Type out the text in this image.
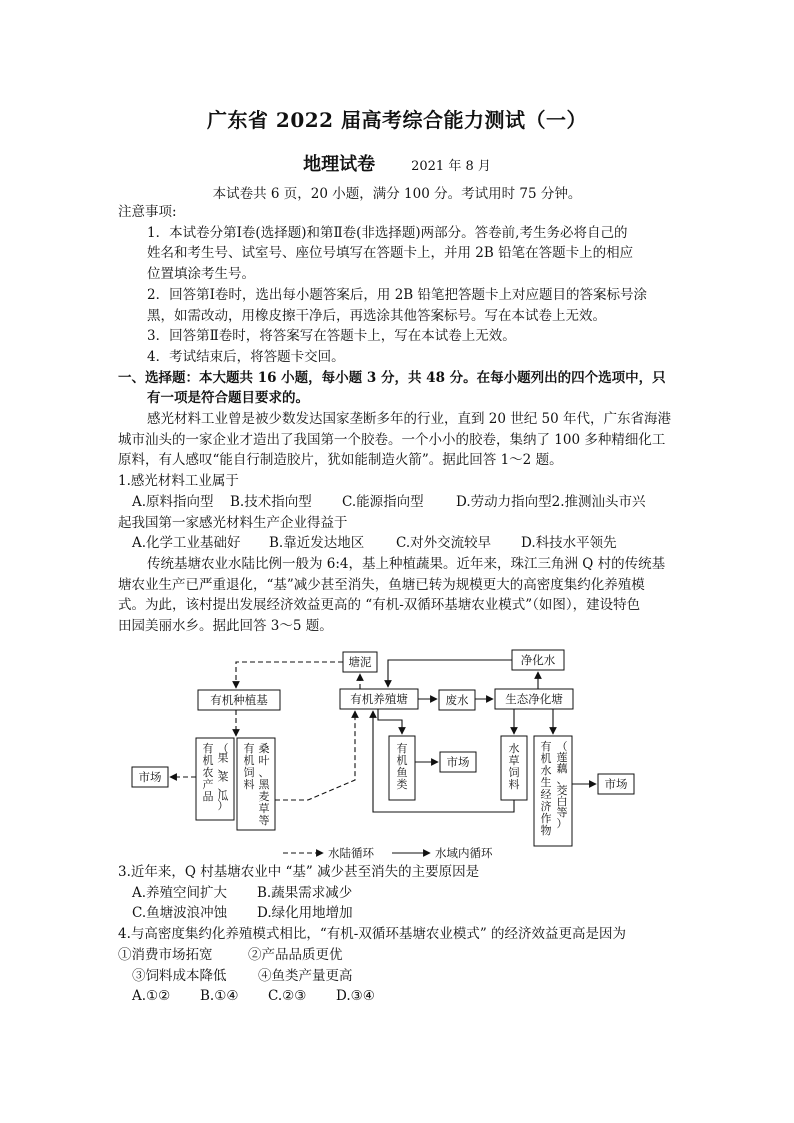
广东省 2022 届高考综合能力测试（一）
地理试卷	2021 年 8 月
本试卷共 6 页，20 小题，满分 100 分。考试用时 75 分钟。

注意事项:

1．本试卷分第Ⅰ卷(选择题)和第Ⅱ卷(非选择题)两部分。答卷前,考生务必将自己的

姓名和考生号、试室号、座位号填写在答题卡上，并用 2B 铅笔在答题卡上的相应

位置填涂考生号。

2．回答第Ⅰ卷时，选出每小题答案后，用 2B 铅笔把答题卡上对应题目的答案标号涂

黑，如需改动，用橡皮擦干净后，再选涂其他答案标号。写在本试卷上无效。

3．回答第Ⅱ卷时，将答案写在答题卡上，写在本试卷上无效。

4．考试结束后，将答题卡交回。

一、选择题：本大题共 16 小题，每小题 3 分，共 48 分。在每小题列出的四个选项中，只

有一项是符合题目要求的。

感光材料工业曾是被少数发达国家垄断多年的行业，直到 20 世纪 50 年代，广东省海港

城市汕头的一家企业才造出了我国第一个胶卷。一个小小的胶卷，集纳了 100 多种精细化工

原料，有人感叹“能自行制造胶片，犹如能制造火箭”。据此回答 1～2 题。

1.感光材料工业属于

A.原料指向型 B.技术指向型 C.能源指向型 D.劳动力指向型2.推测汕头市兴

起我国第一家感光材料生产企业得益于

A.化学工业基础好 B.靠近发达地区 C.对外交流较早 D.科技水平领先

传统基塘农业水陆比例一般为 6:4，基上种植蔬果。近年来，珠江三角洲 Q 村的传统基

塘农业生产已严重退化，“基”减少甚至消失，鱼塘已转为规模更大的高密度集约化养殖模

式。为此，该村提出发展经济效益更高的 “有机-双循环基塘农业模式”（如图），建设特色

田园美丽水乡。据此回答 3～5 题。

塘泥	净化水
有机种植基	有机养殖塘	废水	生态净化塘
市场
市场
市场
水陆循环	水域内循环
有
机
农
产
品
（
果
、
菜
、
瓜
）
有
机
饲
料
桑
叶
、
黑
麦
草
等
有
机
鱼
类
水
草
饲
料
有
机
水
生
经
济
作
物
（
莲
藕
、
茭
白
等
）

3.近年来，Q 村基塘农业中 “基” 减少甚至消失的主要原因是

A.养殖空间扩大 B.蔬果需求减少

C.鱼塘波浪冲蚀 D.绿化用地增加

4.与高密度集约化养殖模式相比，“有机-双循环基塘农业模式” 的经济效益更高是因为

①消费市场拓宽	②产品品质更优

③饲料成本降低 ④鱼类产量更高

A.①② B.①④ C.②③ D.③④
